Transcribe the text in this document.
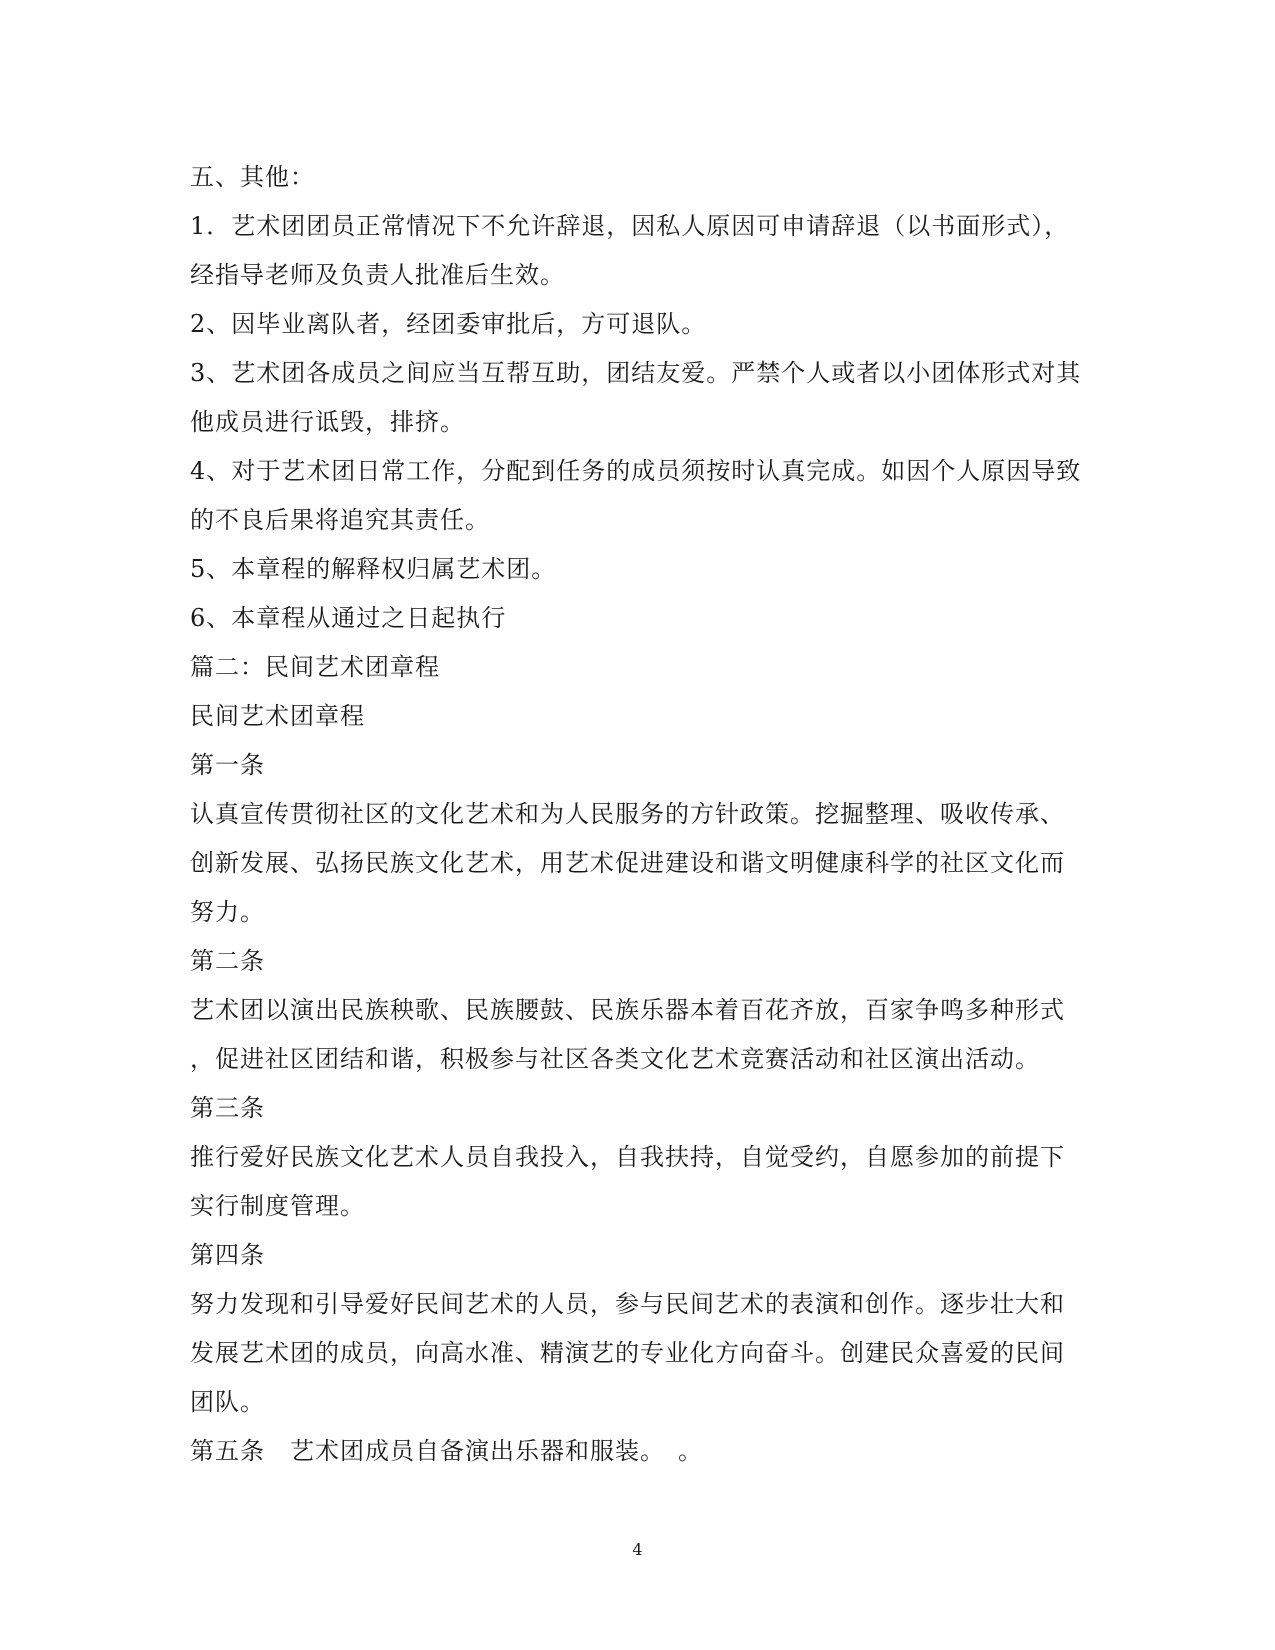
五、其他：
1．艺术团团员正常情况下不允许辞退，因私人原因可申请辞退（以书面形式），
经指导老师及负责人批准后生效。
2、因毕业离队者，经团委审批后，方可退队。
3、艺术团各成员之间应当互帮互助，团结友爱。严禁个人或者以小团体形式对其
他成员进行诋毁，排挤。
4、对于艺术团日常工作，分配到任务的成员须按时认真完成。如因个人原因导致
的不良后果将追究其责任。
5、本章程的解释权归属艺术团。
6、本章程从通过之日起执行
篇二：民间艺术团章程
民间艺术团章程
第一条
认真宣传贯彻社区的文化艺术和为人民服务的方针政策。挖掘整理、吸收传承、
创新发展、弘扬民族文化艺术，用艺术促进建设和谐文明健康科学的社区文化而
努力。
第二条
艺术团以演出民族秧歌、民族腰鼓、民族乐器本着百花齐放，百家争鸣多种形式
，促进社区团结和谐，积极参与社区各类文化艺术竞赛活动和社区演出活动。
第三条
推行爱好民族文化艺术人员自我投入，自我扶持，自觉受约，自愿参加的前提下
实行制度管理。
第四条
努力发现和引导爱好民间艺术的人员，参与民间艺术的表演和创作。逐步壮大和
发展艺术团的成员，向高水准、精演艺的专业化方向奋斗。创建民众喜爱的民间
团队。
第五条　艺术团成员自备演出乐器和服装。　。
4
